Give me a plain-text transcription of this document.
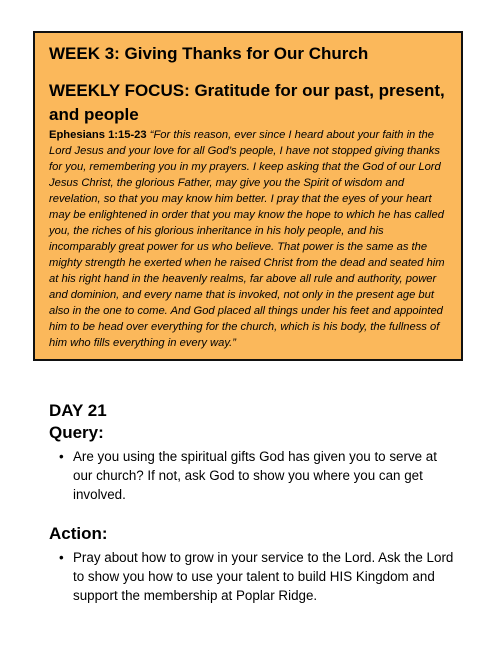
WEEK 3: Giving Thanks for Our Church
WEEKLY FOCUS: Gratitude for our past, present, and people

Ephesians 1:15-23 “For this reason, ever since I heard about your faith in the Lord Jesus and your love for all God’s people, I have not stopped giving thanks for you, remembering you in my prayers. I keep asking that the God of our Lord Jesus Christ, the glorious Father, may give you the Spirit of wisdom and revelation, so that you may know him better. I pray that the eyes of your heart may be enlightened in order that you may know the hope to which he has called you, the riches of his glorious inheritance in his holy people, and his incomparably great power for us who believe. That power is the same as the mighty strength he exerted when he raised Christ from the dead and seated him at his right hand in the heavenly realms, far above all rule and authority, power and dominion, and every name that is invoked, not only in the present age but also in the one to come. And God placed all things under his feet and appointed him to be head over everything for the church, which is his body, the fullness of him who fills everything in every way.”

DAY 21
Query:
• Are you using the spiritual gifts God has given you to serve at our church? If not, ask God to show you where you can get involved.
Action:
• Pray about how to grow in your service to the Lord. Ask the Lord to show you how to use your talent to build HIS Kingdom and support the membership at Poplar Ridge.
